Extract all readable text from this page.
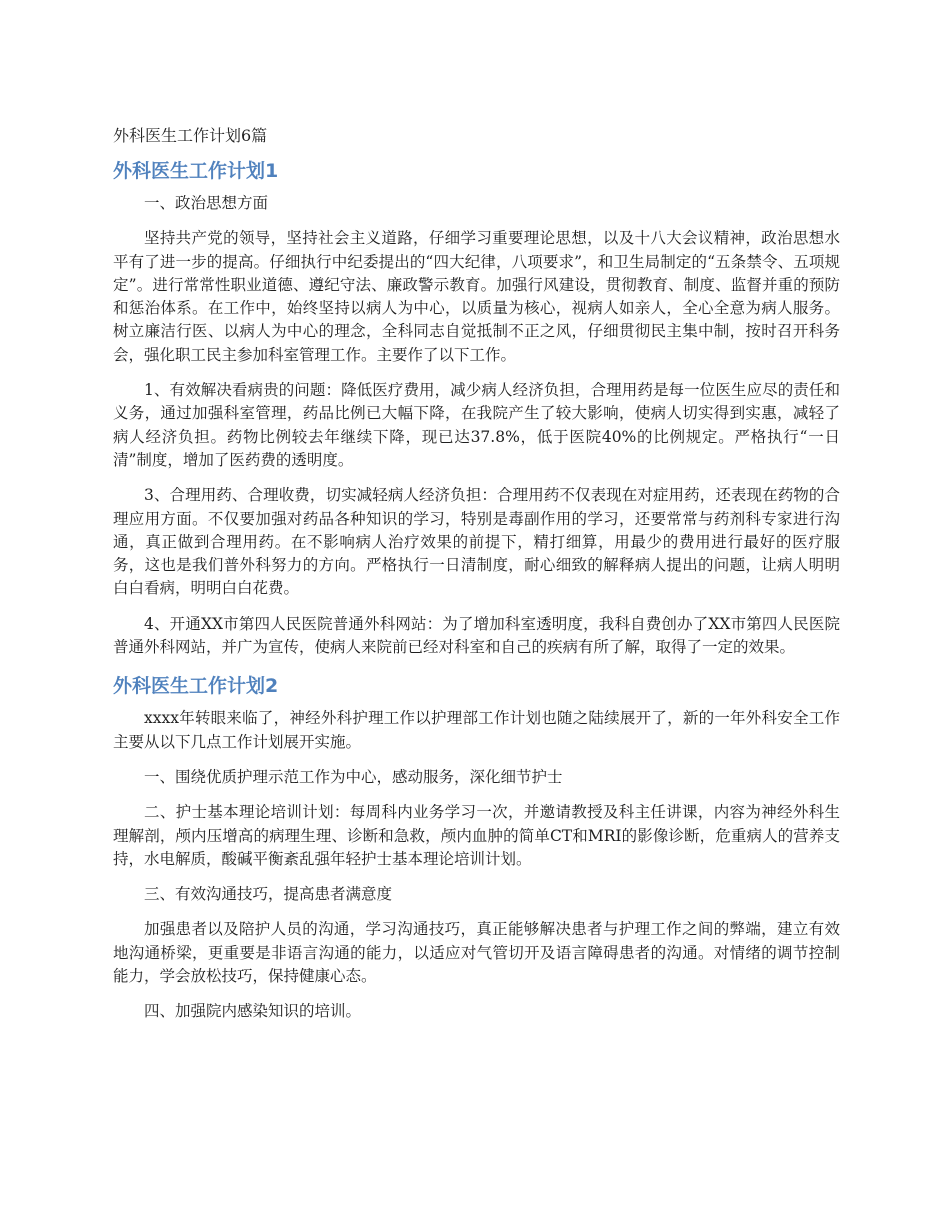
外科医生工作计划6篇
外科医生工作计划1

一、政治思想方面

坚持共产党的领导，坚持社会主义道路，仔细学习重要理论思想，以及十八大会议精神，政治思想水平有了进一步的提高。仔细执行中纪委提出的“四大纪律，八项要求”，和卫生局制定的“五条禁令、五项规定”。进行常常性职业道德、遵纪守法、廉政警示教育。加强行风建设，贯彻教育、制度、监督并重的预防和惩治体系。在工作中，始终坚持以病人为中心，以质量为核心，视病人如亲人，全心全意为病人服务。树立廉洁行医、以病人为中心的理念，全科同志自觉抵制不正之风，仔细贯彻民主集中制，按时召开科务会，强化职工民主参加科室管理工作。主要作了以下工作。

1、有效解决看病贵的问题：降低医疗费用，减少病人经济负担，合理用药是每一位医生应尽的责任和义务，通过加强科室管理，药品比例已大幅下降，在我院产生了较大影响，使病人切实得到实惠，减轻了病人经济负担。药物比例较去年继续下降，现已达37.8%，低于医院40%的比例规定。严格执行“一日清”制度，增加了医药费的透明度。

3、合理用药、合理收费，切实减轻病人经济负担：合理用药不仅表现在对症用药，还表现在药物的合理应用方面。不仅要加强对药品各种知识的学习，特别是毒副作用的学习，还要常常与药剂科专家进行沟通，真正做到合理用药。在不影响病人治疗效果的前提下，精打细算，用最少的费用进行最好的医疗服务，这也是我们普外科努力的方向。严格执行一日清制度，耐心细致的解释病人提出的问题，让病人明明白白看病，明明白白花费。

4、开通XX市第四人民医院普通外科网站：为了增加科室透明度，我科自费创办了XX市第四人民医院普通外科网站，并广为宣传，使病人来院前已经对科室和自己的疾病有所了解，取得了一定的效果。

外科医生工作计划2

xxxx年转眼来临了，神经外科护理工作以护理部工作计划也随之陆续展开了，新的一年外科安全工作主要从以下几点工作计划展开实施。

一、围绕优质护理示范工作为中心，感动服务，深化细节护士

二、护士基本理论培训计划：每周科内业务学习一次，并邀请教授及科主任讲课，内容为神经外科生理解剖，颅内压增高的病理生理、诊断和急救，颅内血肿的简单CT和MRI的影像诊断，危重病人的营养支持，水电解质，酸碱平衡紊乱强年轻护士基本理论培训计划。

三、有效沟通技巧，提高患者满意度

加强患者以及陪护人员的沟通，学习沟通技巧，真正能够解决患者与护理工作之间的弊端，建立有效地沟通桥梁，更重要是非语言沟通的能力，以适应对气管切开及语言障碍患者的沟通。对情绪的调节控制能力，学会放松技巧，保持健康心态。

四、加强院内感染知识的培训。
